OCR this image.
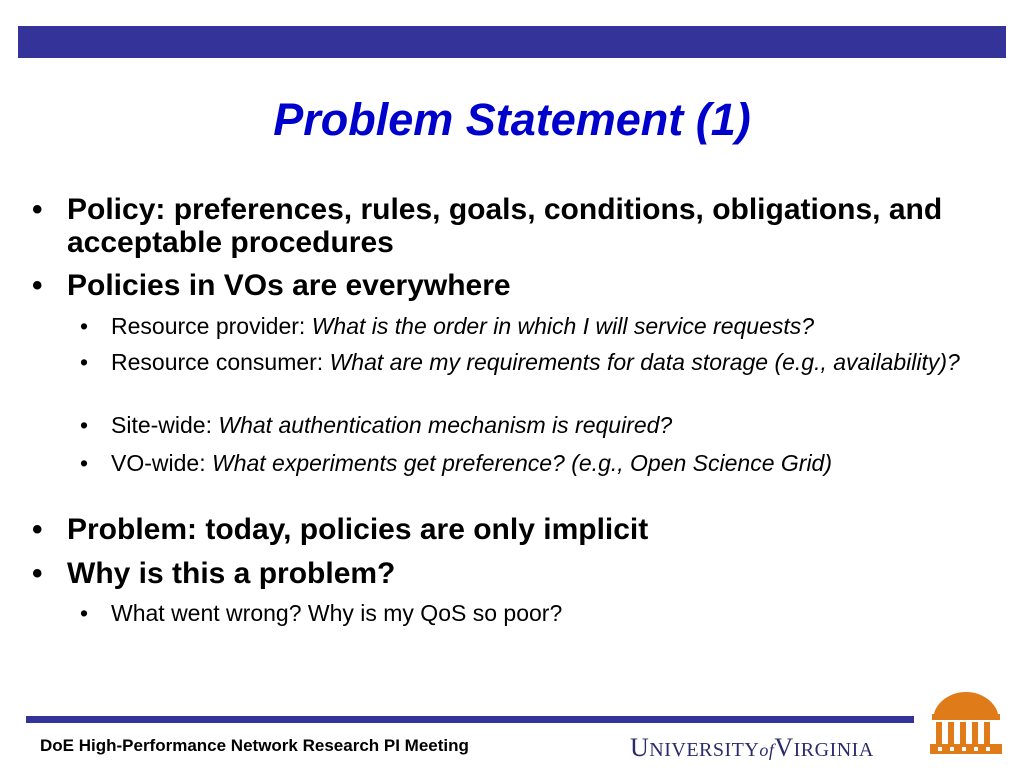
Problem Statement (1)
• Policy: preferences, rules, goals, conditions, obligations, and acceptable procedures
• Policies in VOs are everywhere
• Resource provider: What is the order in which I will service requests?
• Resource consumer: What are my requirements for data storage (e.g., availability)?
• Site-wide: What authentication mechanism is required?
• VO-wide: What experiments get preference? (e.g., Open Science Grid)
• Problem: today, policies are only implicit
• Why is this a problem?
• What went wrong? Why is my QoS so poor?
DoE High-Performance Network Research PI Meeting	UNIVERSITYofVIRGINIA
